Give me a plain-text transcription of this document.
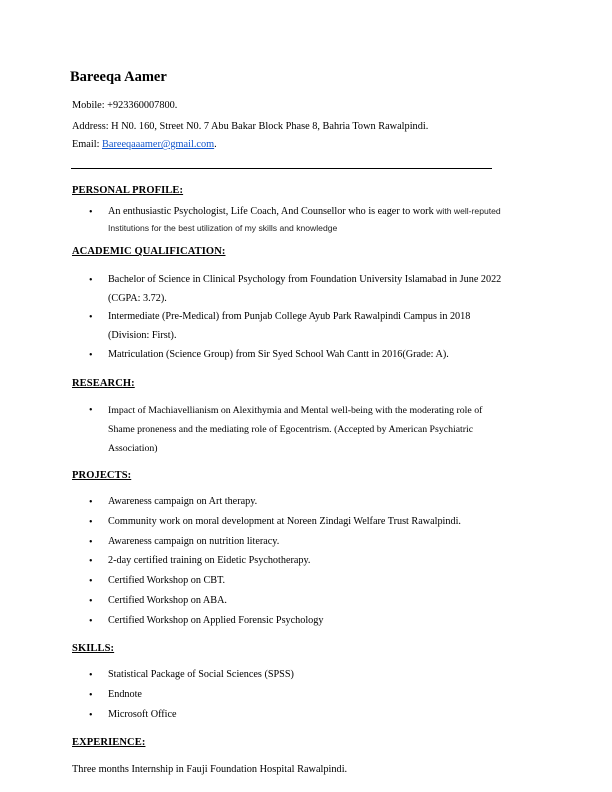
Bareeqa Aamer
Mobile: +923360007800.
Address: H N0. 160, Street N0. 7 Abu Bakar Block Phase 8, Bahria Town Rawalpindi.
Email: Bareeqaaamer@gmail.com.
PERSONAL PROFILE:
• An enthusiastic Psychologist, Life Coach, And Counsellor who is eager to work with well-reputed
Institutions for the best utilization of my skills and knowledge
ACADEMIC QUALIFICATION:
• Bachelor of Science in Clinical Psychology from Foundation University Islamabad in June 2022
(CGPA: 3.72).
• Intermediate (Pre-Medical) from Punjab College Ayub Park Rawalpindi Campus in 2018
(Division: First).
• Matriculation (Science Group) from Sir Syed School Wah Cantt in 2016(Grade: A).
RESEARCH:
• Impact of Machiavellianism on Alexithymia and Mental well-being with the moderating role of
Shame proneness and the mediating role of Egocentrism. (Accepted by American Psychiatric
Association)
PROJECTS:
• Awareness campaign on Art therapy.
• Community work on moral development at Noreen Zindagi Welfare Trust Rawalpindi.
• Awareness campaign on nutrition literacy.
• 2-day certified training on Eidetic Psychotherapy.
• Certified Workshop on CBT.
• Certified Workshop on ABA.
• Certified Workshop on Applied Forensic Psychology
SKILLS:
• Statistical Package of Social Sciences (SPSS)
• Endnote
• Microsoft Office
EXPERIENCE:
Three months Internship in Fauji Foundation Hospital Rawalpindi.
